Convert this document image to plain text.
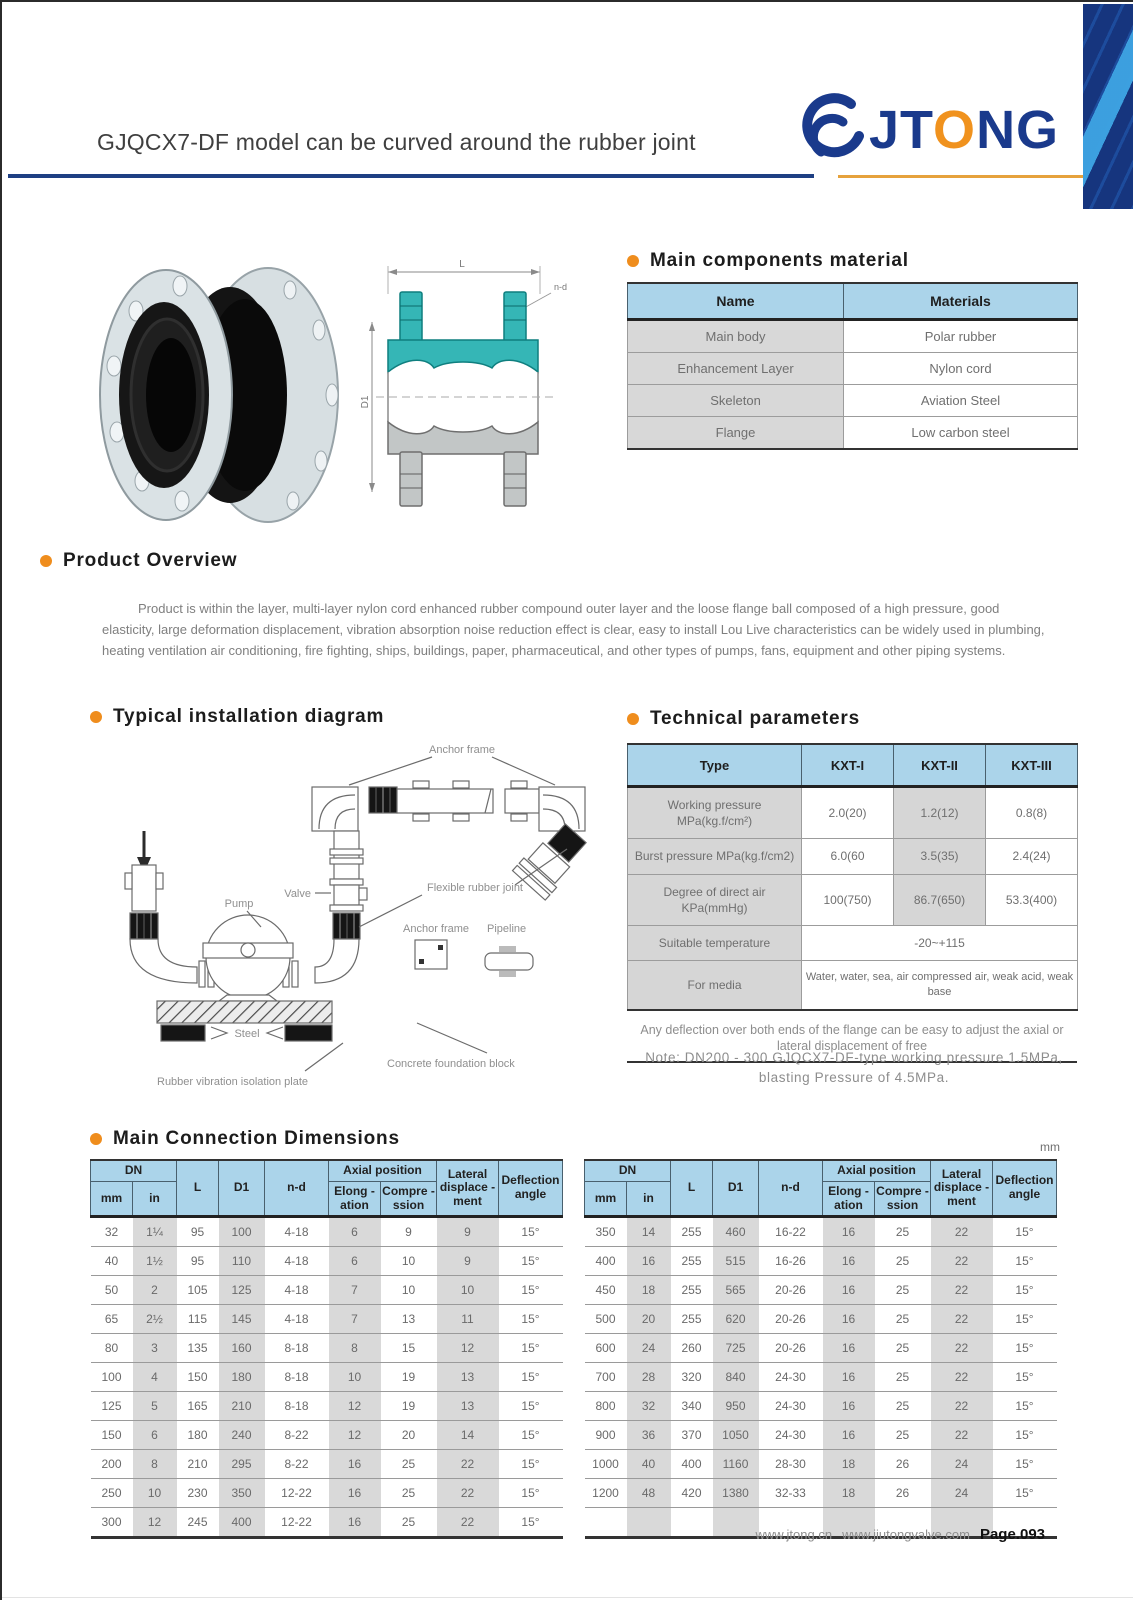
GJQCX7-DF model can be curved around the rubber joint	JTONG
L
n-d
D1
Main components material
Name	Materials
Main body	Polar rubber
Enhancement Layer	Nylon cord
Skeleton	Aviation Steel
Flange	Low carbon steel
Product Overview

Product is within the layer, multi-layer nylon cord enhanced rubber compound outer layer and the loose flange ball composed of a high pressure, good elasticity, large deformation displacement, vibration absorption noise reduction effect is clear, easy to install Lou Live characteristics can be widely used in plumbing, heating ventilation air conditioning, fire fighting, ships, buildings, paper, pharmaceutical, and other types of pumps, fans, equipment and other piping systems.

Typical installation diagram
Anchor frame
Pump
Valve	Flexible rubber joint
Anchor frame Pipeline
Steel
Concrete foundation block
Rubber vibration isolation plate
Technical parameters
Type	KXT-I	KXT-II	KXT-III
Working pressure MPa(kg.f/cm²)	2.0(20)	1.2(12)	0.8(8)
Burst pressure MPa(kg.f/cm2)	6.0(60	3.5(35)	2.4(24)
Degree of direct air KPa(mmHg)	100(750)	86.7(650)	53.3(400)
Suitable temperature	-20~+115		
For media	Water, water, sea, air compressed air, weak acid, weak base		

Any deflection over both ends of the flange can be easy to adjust the axial or lateral displacement of free

Note: DN200 - 300 GJQCX7-DF-type working pressure 1.5MPa, blasting Pressure of 4.5MPa.
Main Connection Dimensions	mm
DN		L	D1	n-d	Axial position		Lateral displace -ment	Deflection angle
mm	in				Elong -ation	Compre -ssion		
32	1¼	95	100	4-18	6	9	9	15°
40	1½	95	110	4-18	6	10	9	15°
50	2	105	125	4-18	7	10	10	15°
65	2½	115	145	4-18	7	13	11	15°
80	3	135	160	8-18	8	15	12	15°
100	4	150	180	8-18	10	19	13	15°
125	5	165	210	8-18	12	19	13	15°
150	6	180	240	8-22	12	20	14	15°
200	8	210	295	8-22	16	25	22	15°
250	10	230	350	12-22	16	25	22	15°
300	12	245	400	12-22	16	25	22	15°
DN		L	D1	n-d	Axial position		Lateral displace -ment	Deflection angle
mm	in				Elong -ation	Compre -ssion		
350	14	255	460	16-22	16	25	22	15°
400	16	255	515	16-26	16	25	22	15°
450	18	255	565	20-26	16	25	22	15°
500	20	255	620	20-26	16	25	22	15°
600	24	260	725	20-26	16	25	22	15°
700	28	320	840	24-30	16	25	22	15°
800	32	340	950	24-30	16	25	22	15°
900	36	370	1050	24-30	16	25	22	15°
1000	40	400	1160	28-30	18	26	24	15°
1200	48	420	1380	32-33	18	26	24	15°

www.jtong.cn www.jiutongvalve.com Page.093
